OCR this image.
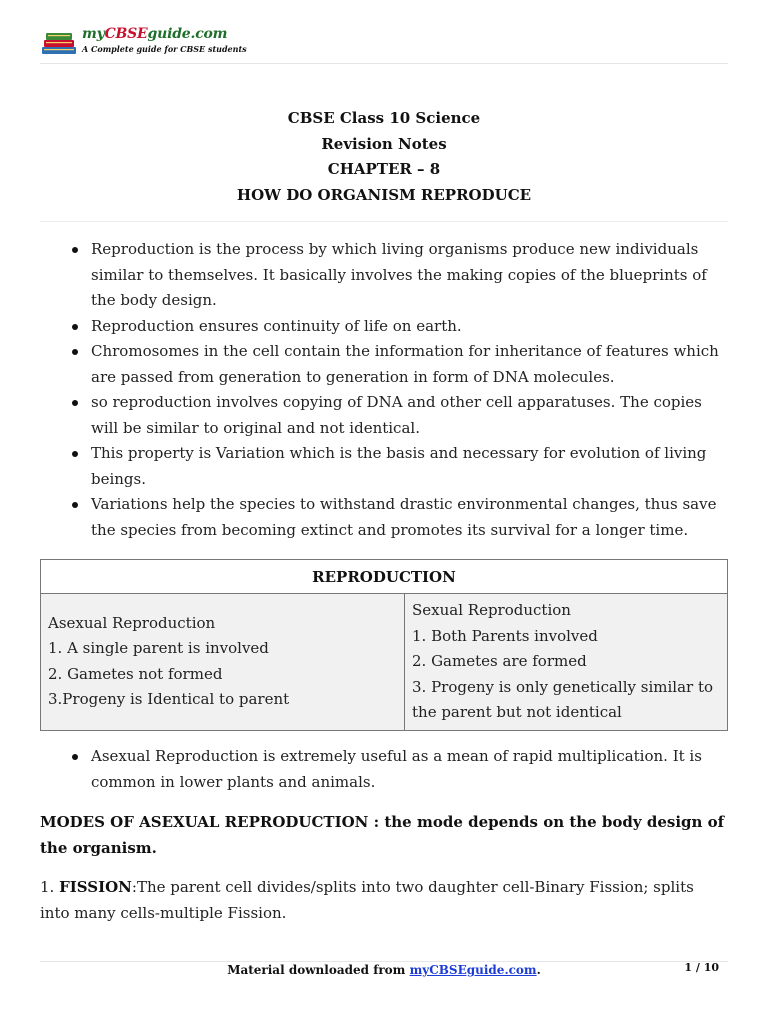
myCBSEguide.com
A Complete guide for CBSE students
CBSE Class 10 Science
Revision Notes
CHAPTER – 8
HOW DO ORGANISM REPRODUCE
Reproduction is the process by which living organisms produce new individuals similar to themselves. It basically involves the making copies of the blueprints of the body design.
Reproduction ensures continuity of life on earth.
Chromosomes in the cell contain the information for inheritance of features which are passed from generation to generation in form of DNA molecules.
so reproduction involves copying of DNA and other cell apparatuses. The copies will be similar to original and not identical.
This property is Variation which is the basis and necessary for evolution of living beings.
Variations help the species to withstand drastic environmental changes, thus save the species from becoming extinct and promotes its survival for a longer time.
REPRODUCTION

Asexual Reproduction
1. A single parent is involved
2. Gametes not formed
3.Progeny is Identical to parent

Sexual Reproduction
1. Both Parents involved
2. Gametes are formed
3. Progeny is only genetically similar to the parent but not identical
Asexual Reproduction is extremely useful as a mean of rapid multiplication. It is common in lower plants and animals.
MODES OF ASEXUAL REPRODUCTION : the mode depends on the body design of the organism.
1. FISSION:The parent cell divides/splits into two daughter cell-Binary Fission; splits into many cells-multiple Fission.
Material downloaded from myCBSEguide.com.	1 / 10
